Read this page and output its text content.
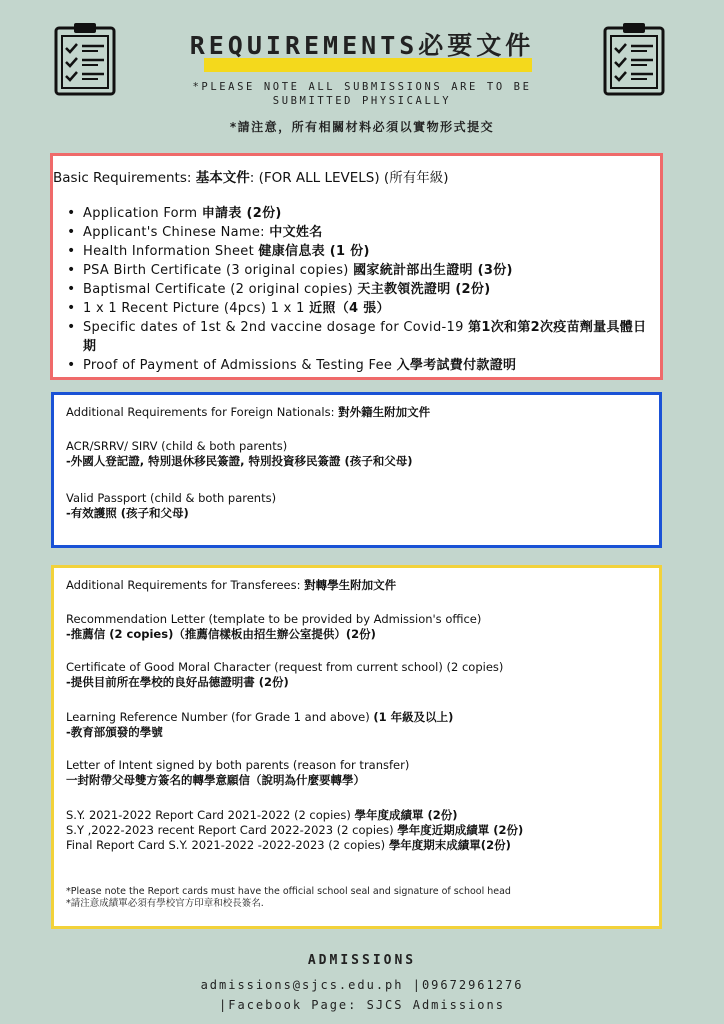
REQUIREMENTS必要文件
*PLEASE NOTE ALL SUBMISSIONS ARE TO BE
SUBMITTED PHYSICALLY
*請注意，所有相關材料必須以實物形式提交
Basic Requirements: 基本文件: (FOR ALL LEVELS) (所有年級)
• Application Form 申請表 (2份)
• Applicant's Chinese Name: 中文姓名
• Health Information Sheet 健康信息表 (1 份)
• PSA Birth Certificate (3 original copies) 國家統計部出生證明 (3份)
• Baptismal Certificate (2 original copies) 天主教領洗證明 (2份)
• 1 x 1 Recent Picture (4pcs) 1 x 1 近照（4 張）
• Specific dates of 1st & 2nd vaccine dosage for Covid-19 第1次和第2次疫苗劑量具體日期
• Proof of Payment of Admissions & Testing Fee 入學考試費付款證明
Additional Requirements for Foreign Nationals: 對外籍生附加文件
ACR/SRRV/ SIRV (child & both parents)
-外國人登記證, 特別退休移民簽證, 特別投資移民簽證 (孩子和父母)
Valid Passport (child & both parents)
-有效護照 (孩子和父母)
Additional Requirements for Transferees: 對轉學生附加文件
Recommendation Letter (template to be provided by Admission's office)
-推薦信 (2 copies)（推薦信樣板由招生辦公室提供）(2份)
Certificate of Good Moral Character (request from current school) (2 copies)
-提供目前所在學校的良好品德證明書 (2份)
Learning Reference Number (for Grade 1 and above) (1 年級及以上)
-教育部頒發的學號
Letter of Intent signed by both parents (reason for transfer)
一封附帶父母雙方簽名的轉學意願信（說明為什麼要轉學）
S.Y. 2021-2022 Report Card 2021-2022 (2 copies) 學年度成績單 (2份)
S.Y ,2022-2023 recent Report Card 2022-2023 (2 copies) 學年度近期成績單 (2份)
Final Report Card S.Y. 2021-2022 -2022-2023 (2 copies) 學年度期末成績單(2份)
*Please note the Report cards must have the official school seal and signature of school head
*請注意成績單必須有學校官方印章和校長簽名.
ADMISSIONS
admissions@sjcs.edu.ph |09672961276
|Facebook Page: SJCS Admissions
